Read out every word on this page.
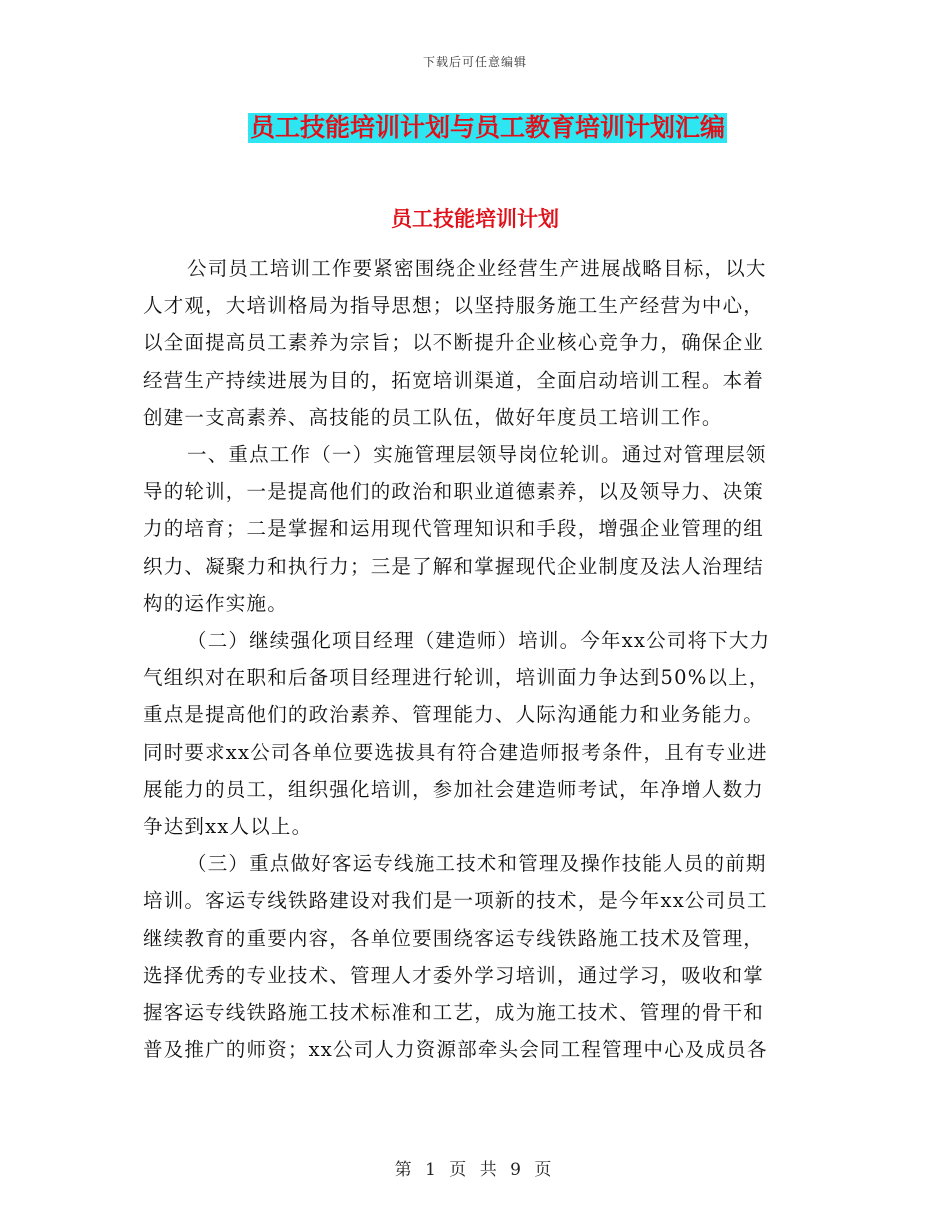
下载后可任意编辑
员工技能培训计划与员工教育培训计划汇编
员工技能培训计划

公司员工培训工作要紧密围绕企业经营生产进展战略目标，以大
人才观，大培训格局为指导思想；以坚持服务施工生产经营为中心，
以全面提高员工素养为宗旨；以不断提升企业核心竞争力，确保企业
经营生产持续进展为目的，拓宽培训渠道，全面启动培训工程。本着
创建一支高素养、高技能的员工队伍，做好年度员工培训工作。

一、重点工作（一）实施管理层领导岗位轮训。通过对管理层领
导的轮训，一是提高他们的政治和职业道德素养，以及领导力、决策
力的培育；二是掌握和运用现代管理知识和手段，增强企业管理的组
织力、凝聚力和执行力；三是了解和掌握现代企业制度及法人治理结
构的运作实施。

（二）继续强化项目经理（建造师）培训。今年xx公司将下大力
气组织对在职和后备项目经理进行轮训，培训面力争达到50%以上，
重点是提高他们的政治素养、管理能力、人际沟通能力和业务能力。
同时要求xx公司各单位要选拔具有符合建造师报考条件，且有专业进
展能力的员工，组织强化培训，参加社会建造师考试，年净增人数力
争达到xx人以上。

（三）重点做好客运专线施工技术和管理及操作技能人员的前期
培训。客运专线铁路建设对我们是一项新的技术，是今年xx公司员工
继续教育的重要内容，各单位要围绕客运专线铁路施工技术及管理，
选择优秀的专业技术、管理人才委外学习培训，通过学习，吸收和掌
握客运专线铁路施工技术标准和工艺，成为施工技术、管理的骨干和
普及推广的师资；xx公司人力资源部牵头会同工程管理中心及成员各

第 1 页 共 9 页
